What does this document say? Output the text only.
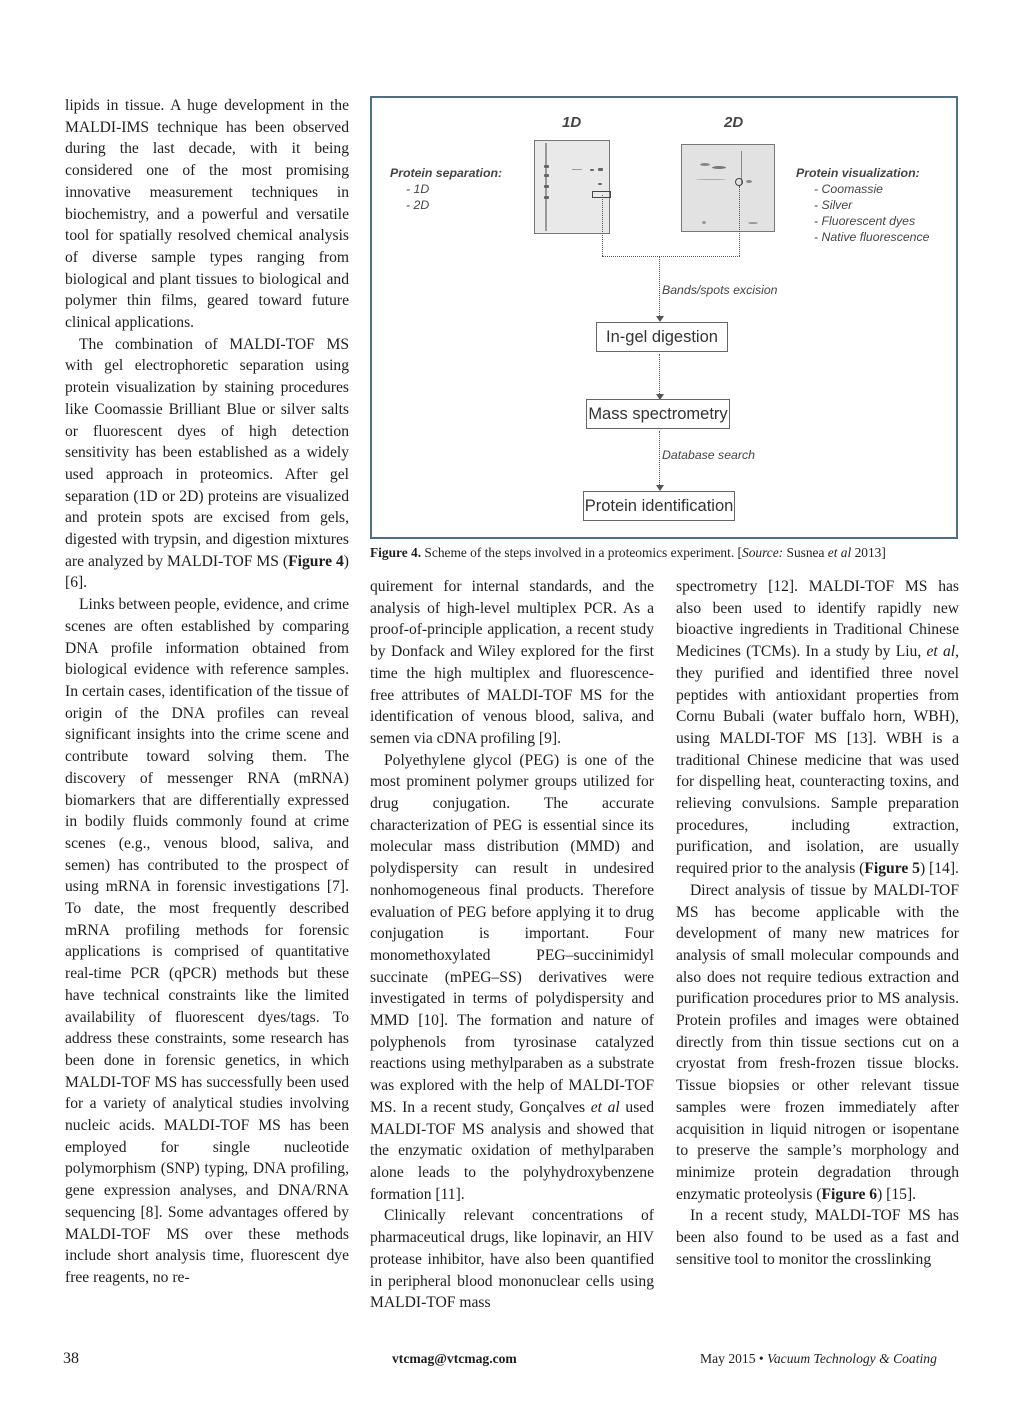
lipids in tissue. A huge development in the MALDI-IMS technique has been observed during the last decade, with it being considered one of the most promising innovative measurement techniques in biochemistry, and a powerful and versatile tool for spatially resolved chemical analysis of diverse sample types ranging from biological and plant tissues to biological and polymer thin films, geared toward future clinical applications.

The combination of MALDI-TOF MS with gel electrophoretic separation using protein visualization by staining procedures like Coomassie Brilliant Blue or silver salts or fluorescent dyes of high detection sensitivity has been established as a widely used approach in proteomics. After gel separation (1D or 2D) proteins are visualized and protein spots are excised from gels, digested with trypsin, and digestion mixtures are analyzed by MALDI-TOF MS (Figure 4) [6].

Links between people, evidence, and crime scenes are often established by comparing DNA profile information obtained from biological evidence with reference samples. In certain cases, identification of the tissue of origin of the DNA profiles can reveal significant insights into the crime scene and contribute toward solving them. The discovery of messenger RNA (mRNA) biomarkers that are differentially expressed in bodily fluids commonly found at crime scenes (e.g., venous blood, saliva, and semen) has contributed to the prospect of using mRNA in forensic investigations [7]. To date, the most frequently described mRNA profiling methods for forensic applications is comprised of quantitative real-time PCR (qPCR) methods but these have technical constraints like the limited availability of fluorescent dyes/tags. To address these constraints, some research has been done in forensic genetics, in which MALDI-TOF MS has successfully been used for a variety of analytical studies involving nucleic acids. MALDI-TOF MS has been employed for single nucleotide polymorphism (SNP) typing, DNA profiling, gene expression analyses, and DNA/RNA sequencing [8]. Some advantages offered by MALDI-TOF MS over these methods include short analysis time, fluorescent dye free reagents, no re-

1D	2D
Protein separation:
- 1D
- 2D
Protein visualization:
- Coomassie
- Silver
- Fluorescent dyes
- Native fluorescence
Bands/spots excision
In-gel digestion
Mass spectrometry
Database search
Protein identification
Figure 4. Scheme of the steps involved in a proteomics experiment. [Source: Susnea et al 2013]

quirement for internal standards, and the analysis of high-level multiplex PCR. As a proof-of-principle application, a recent study by Donfack and Wiley explored for the first time the high multiplex and fluorescence-free attributes of MALDI-TOF MS for the identification of venous blood, saliva, and semen via cDNA profiling [9].

Polyethylene glycol (PEG) is one of the most prominent polymer groups utilized for drug conjugation. The accurate characterization of PEG is essential since its molecular mass distribution (MMD) and polydispersity can result in undesired nonhomogeneous final products. Therefore evaluation of PEG before applying it to drug conjugation is important. Four monomethoxylated PEG–succinimidyl succinate (mPEG–SS) derivatives were investigated in terms of polydispersity and MMD [10]. The formation and nature of polyphenols from tyrosinase catalyzed reactions using methylparaben as a substrate was explored with the help of MALDI-TOF MS. In a recent study, Gonçalves et al used MALDI-TOF MS analysis and showed that the enzymatic oxidation of methylparaben alone leads to the polyhydroxybenzene formation [11].

Clinically relevant concentrations of pharmaceutical drugs, like lopinavir, an HIV protease inhibitor, have also been quantified in peripheral blood mononuclear cells using MALDI-TOF mass

spectrometry [12]. MALDI-TOF MS has also been used to identify rapidly new bioactive ingredients in Traditional Chinese Medicines (TCMs). In a study by Liu, et al, they purified and identified three novel peptides with antioxidant properties from Cornu Bubali (water buffalo horn, WBH), using MALDI-TOF MS [13]. WBH is a traditional Chinese medicine that was used for dispelling heat, counteracting toxins, and relieving convulsions. Sample preparation procedures, including extraction, purification, and isolation, are usually required prior to the analysis (Figure 5) [14].

Direct analysis of tissue by MALDI-TOF MS has become applicable with the development of many new matrices for analysis of small molecular compounds and also does not require tedious extraction and purification procedures prior to MS analysis. Protein profiles and images were obtained directly from thin tissue sections cut on a cryostat from fresh-frozen tissue blocks. Tissue biopsies or other relevant tissue samples were frozen immediately after acquisition in liquid nitrogen or isopentane to preserve the sample’s morphology and minimize protein degradation through enzymatic proteolysis (Figure 6) [15].

In a recent study, MALDI-TOF MS has been also found to be used as a fast and sensitive tool to monitor the crosslinking

38	vtcmag@vtcmag.com	May 2015 • Vacuum Technology & Coating
